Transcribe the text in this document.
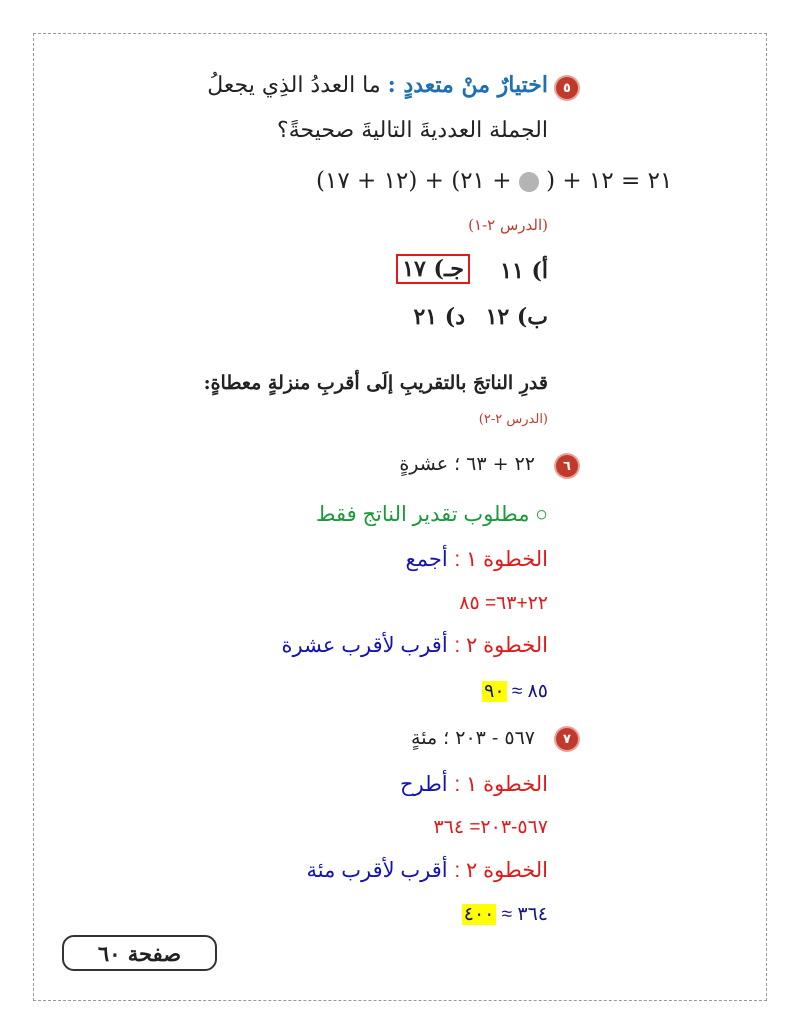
٥
اختيارٌ منْ متعددٍ : ما العددُ الذِي يجعلُ
الجملة العدديةَ التاليةَ صحيحةً؟
(١٢ + ١٧) + ٢١ = ١٢ + (  + ٢١)
(الدرس ٢-١)
أ) ١١
جـ) ١٧
ب) ١٢
د) ٢١
قدرِ الناتجَ بالتقريبِ إلَى أقربِ منزلةٍ معطاةٍ:
(الدرس ٢-٢)
٦
٢٢ + ٦٣ ؛ عشرةٍ
○ مطلوب تقدير الناتج فقط
الخطوة ١ : أجمع
٢٢+٦٣= ٨٥
الخطوة ٢ : أقرب لأقرب عشرة
٨٥ ≈ ٩٠
٧
٥٦٧ - ٢٠٣ ؛ مئةٍ
الخطوة ١ : أطرح
٥٦٧-٢٠٣= ٣٦٤
الخطوة ٢ : أقرب لأقرب مئة
٣٦٤ ≈ ٤٠٠
صفحة ٦٠
